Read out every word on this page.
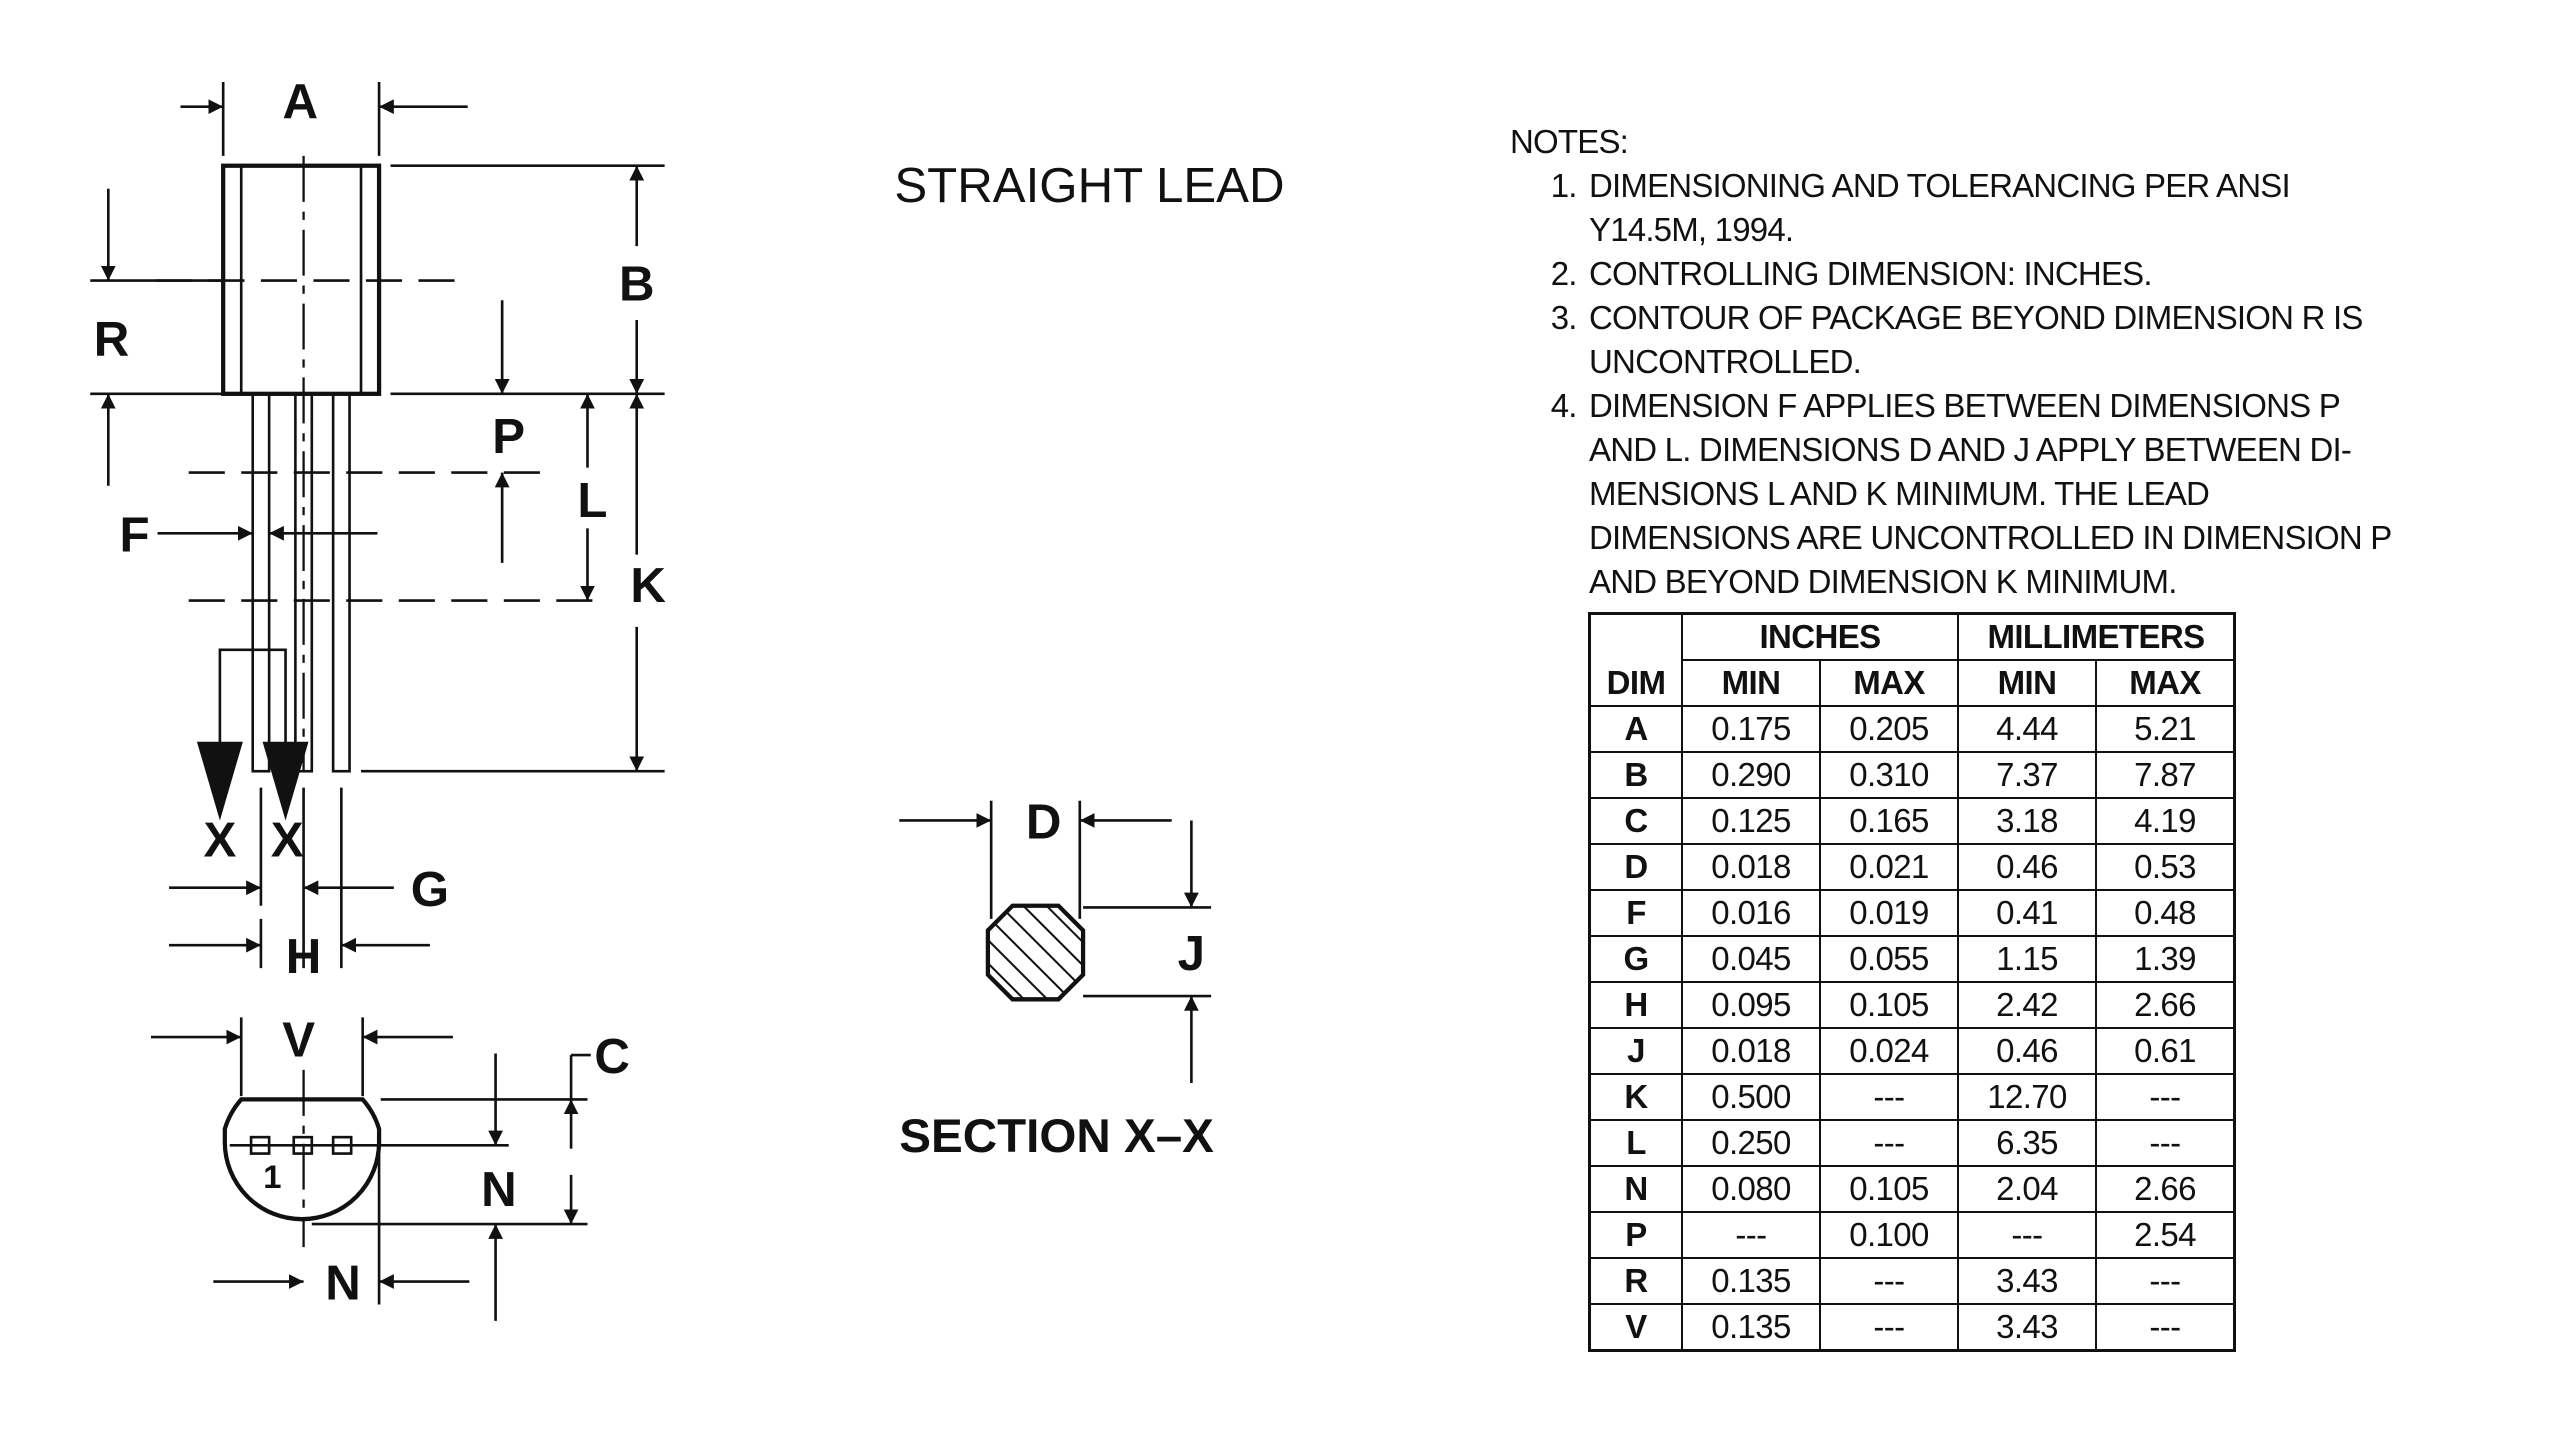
A
B
R
P
L
K
F
X X
G
H
1
V	C
N
N
STRAIGHT LEAD
D
J
SECTION X–X

NOTES:

1. DIMENSIONING AND TOLERANCING PER ANSI Y14.5M, 1994.
2. CONTROLLING DIMENSION: INCHES.
3. CONTOUR OF PACKAGE BEYOND DIMENSION R IS UNCONTROLLED.
4. DIMENSION F APPLIES BETWEEN DIMENSIONS P AND L. DIMENSIONS D AND J APPLY BETWEEN DI- MENSIONS L AND K MINIMUM. THE LEAD DIMENSIONS ARE UNCONTROLLED IN DIMENSION P AND BEYOND DIMENSION K MINIMUM.
	INCHES		MILLIMETERS	
DIM	MIN	MAX	MIN	MAX
A	0.175	0.205	4.44	5.21
B	0.290	0.310	7.37	7.87
C	0.125	0.165	3.18	4.19
D	0.018	0.021	0.46	0.53
F	0.016	0.019	0.41	0.48
G	0.045	0.055	1.15	1.39
H	0.095	0.105	2.42	2.66
J	0.018	0.024	0.46	0.61
K	0.500	---	12.70	---
L	0.250	---	6.35	---
N	0.080	0.105	2.04	2.66
P	---	0.100	---	2.54
R	0.135	---	3.43	---
V	0.135	---	3.43	---
